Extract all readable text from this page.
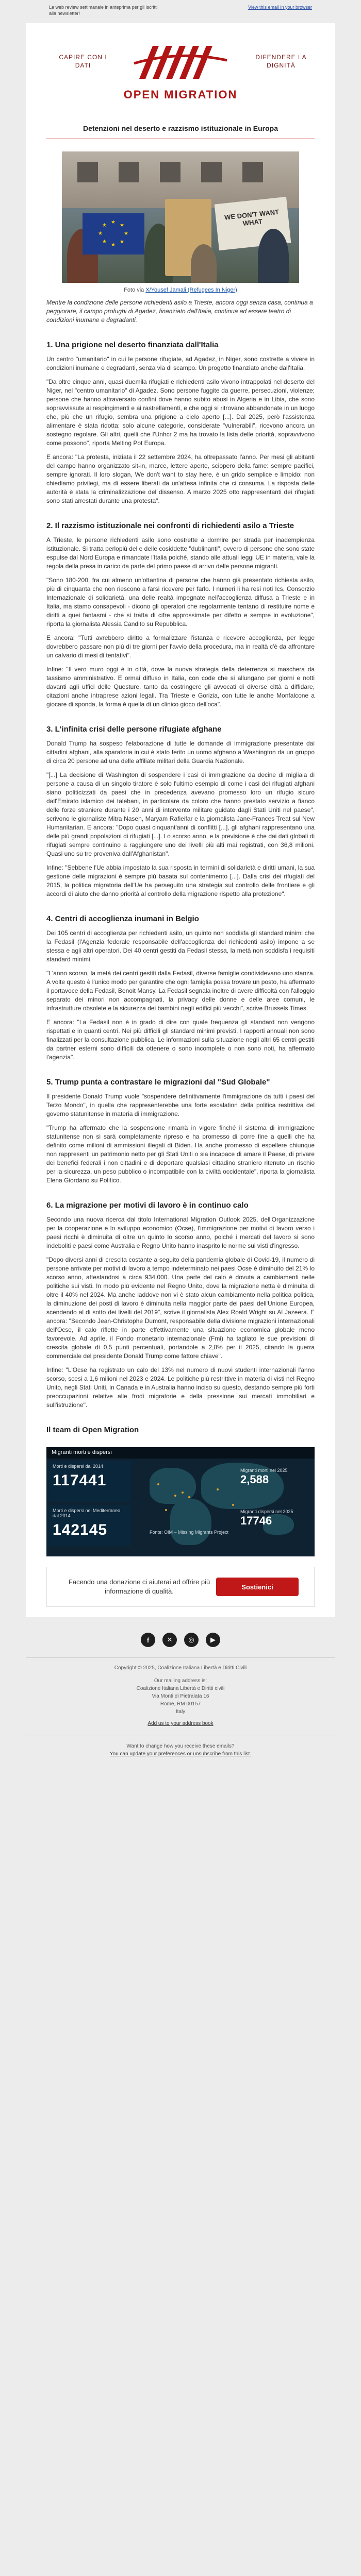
La web review settimanale in anteprima per gli iscritti alla newsletter!
View this email in your browser
CAPIRE CON I DATI
DIFENDERE LA DIGNITÀ
OPEN MIGRATION
Detenzioni nel deserto e razzismo istituzionale in Europa
★
★
★
★
★
★
★
★
WE DON'T WANT WHAT
Foto via X/Yousef Jamali (Refugees In Niger)
Mentre la condizione delle persone richiedenti asilo a Trieste, ancora oggi senza casa, continua a peggiorare, il campo profughi di Agadez, finanziato dall'Italia, continua ad essere teatro di condizioni inumane e degradanti.
1. Una prigione nel deserto finanziata dall'Italia

Un centro "umanitario" in cui le persone rifugiate, ad Agadez, in Niger, sono costrette a vivere in condizioni inumane e degradanti, senza via di scampo. Un progetto finanziato anche dall'Italia.

"Da oltre cinque anni, quasi duemila rifugiati e richiedenti asilo vivono intrappolati nel deserto del Niger, nel "centro umanitario" di Agadez. Sono persone fuggite da guerre, persecuzioni, violenze; persone che hanno attraversato confini dove hanno subito abusi in Algeria e in Libia, che sono sopravvissute ai respingimenti e ai rastrellamenti, e che oggi si ritrovano abbandonate in un luogo che, più che un rifugio, sembra una prigione a cielo aperto [...]. Dal 2025, però l'assistenza alimentare è stata ridotta: solo alcune categorie, considerate "vulnerabili", ricevono ancora un sostegno regolare. Gli altri, quelli che l'Unhcr 2 ma ha trovato la lista delle priorità, sopravvivono come possono", riporta Melting Pot Europa.

E ancora: "La protesta, iniziata il 22 settembre 2024, ha oltrepassato l'anno. Per mesi gli abitanti del campo hanno organizzato sit-in, marce, lettere aperte, sciopero della fame: sempre pacifici, sempre ignorati. Il loro slogan, We don't want to stay here, è un grido semplice e limpido: non chiediamo privilegi, ma di essere liberati da un'attesa infinita che ci consuma. La risposta delle autorità è stata la criminalizzazione del dissenso. A marzo 2025 otto rappresentanti dei rifugiati sono stati arrestati durante una protesta".

2. Il razzismo istituzionale nei confronti di richiedenti asilo a Trieste

A Trieste, le persone richiedenti asilo sono costrette a dormire per strada per inadempienza istituzionale. Si tratta perlopiù del e delle cosiddette "dublinanti", ovvero di persone che sono state espulse dal Nord Europa e rimandate l'Italia poiché, stando alle attuali leggi UE in materia, vale la regola della presa in carico da parte del primo paese di arrivo delle persone migranti.

"Sono 180-200, fra cui almeno un'ottantina di persone che hanno già presentato richiesta asilo, più di cinquanta che non riescono a farsi ricevere per farlo. I numeri li ha resi noti Ics, Consorzio Internazionale di solidarietà, una delle realtà impegnate nell'accoglienza diffusa a Trieste e in Italia, ma stamo consapevoli - dicono gli operatori che regolarmente tentano di restituire nome e diritti a quei fantasmi - che si tratta di cifre approssimate per difetto e sempre in evoluzione", riporta la giornalista Alessia Candito su Repubblica.

E ancora: "Tutti avrebbero diritto a formalizzare l'istanza e ricevere accoglienza, per legge dovrebbero passare non più di tre giorni per l'avvio della procedura, ma in realtà c'è da affrontare un calvario di mesi di tentativi".

Infine: "Il vero muro oggi è in città, dove la nuova strategia della deterrenza si maschera da tassismo amministrativo. E ormai diffuso in Italia, con code che si allungano per giorni e notti davanti agli uffici delle Questure, tanto da costringere gli avvocati di diverse città a diffidare, citazioni anche intraprese azioni legali. Tra Trieste e Gorizia, con tutte le anche Monfalcone a giocare di sponda, la forma è quella di un clinico gioco dell'oca".

3. L'infinita crisi delle persone rifugiate afghane

Donald Trump ha sospeso l'elaborazione di tutte le domande di immigrazione presentate dai cittadini afghani, alla sparatoria in cui è stato ferito un uomo afghano a Washington da un gruppo di circa 20 persone ad una delle affiliate militari della Guardia Nazionale.

"[...] La decisione di Washington di sospendere i casi di immigrazione da decine di migliaia di persone a causa di un singolo tiratore è solo l'ultimo esempio di come i casi dei rifugiati afghani siano politicizzati da paesi che in precedenza avevano promesso loro un rifugio sicuro dall'Emirato islamico dei talebani, in particolare da coloro che hanno prestato servizio a fianco delle forze straniere durante i 20 anni di intervento militare guidato dagli Stati Uniti nel paese", scrivono le giornaliste Mitra Naseh, Maryam Rafieifar e la giornalista Jane-Frances Treat sul New Humanitarian. E ancora: "Dopo quasi cinquant'anni di conflitti [...], gli afghani rappresentano una delle più grandi popolazioni di rifugiati [...]. Lo scorso anno, e la previsione è che dai dati globali di rifugiati sempre continuino a raggiungere uno dei livelli più alti mai registrati, con 36,8 milioni. Quasi uno su tre proveniva dall'Afghanistan".

Infine: "Sebbene l'Ue abbia impostato la sua risposta in termini di solidarietà e diritti umani, la sua gestione delle migrazioni è sempre più basata sul contenimento [...]. Dalla crisi dei rifugiati del 2015, la politica migratoria dell'Ue ha perseguito una strategia sul controllo delle frontiere e gli accordi di aiuto che danno priorità al controllo della migrazione rispetto alla protezione".

4. Centri di accoglienza inumani in Belgio

Dei 105 centri di accoglienza per richiedenti asilo, un quinto non soddisfa gli standard minimi che la Fedasil (l'Agenzia federale responsabile dell'accoglienza dei richiedenti asilo) impone a se stessa e agli altri operatori. Dei 40 centri gestiti da Fedasil stessa, la metà non soddisfa i requisiti standard minimi.

"L'anno scorso, la metà dei centri gestiti dalla Fedasil, diverse famiglie condividevano uno stanza. A volte questo è l'unico modo per garantire che ogni famiglia possa trovare un posto, ha affermato il portavoce della Fedasil, Benoit Mansy. La Fedasil segnala inoltre di avere difficoltà con l'alloggio separato dei minori non accompagnati, la privacy delle donne e delle aree comuni, le infrastrutture obsolete e la sicurezza dei bambini negli edifici più vecchi", scrive Brussels Times.

E ancora: "La Fedasil non è in grado di dire con quale frequenza gli standard non vengono rispettati e in quanti centri. Nei più difficili gli standard minimi previsti. I rapporti annuali non sono finalizzati per la consultazione pubblica. Le informazioni sulla situazione negli altri 65 centri gestiti da partner esterni sono difficili da ottenere o sono incomplete o non sono noti, ha affermato l'agenzia".

5. Trump punta a contrastare le migrazioni dal "Sud Globale"

Il presidente Donald Trump vuole "sospendere definitivamente l'immigrazione da tutti i paesi del Terzo Mondo", in quella che rappresenterebbe una forte escalation della politica restrittiva del governo statunitense in materia di immigrazione.

"Trump ha affermato che la sospensione rimarrà in vigore finché il sistema di immigrazione statunitense non si sarà completamente ripreso e ha promesso di porre fine a quelli che ha definito come milioni di ammissioni illegali di Biden. Ha anche promesso di espellere chiunque non rappresenti un patrimonio netto per gli Stati Uniti o sia incapace di amare il Paese, di privare dei benefici federali i non cittadini e di deportare qualsiasi cittadino straniero ritenuto un rischio per la sicurezza, un peso pubblico o incompatibile con la civiltà occidentale", riporta la giornalista Elena Giordano su Politico.

6. La migrazione per motivi di lavoro è in continuo calo

Secondo una nuova ricerca dal titolo International Migration Outlook 2025, dell'Organizzazione per la cooperazione e lo sviluppo economico (Ocse), l'immigrazione per motivi di lavoro verso i paesi ricchi è diminuita di oltre un quinto lo scorso anno, poiché i mercati del lavoro si sono indeboliti e paesi come Australia e Regno Unito hanno inasprito le norme sui visti d'ingresso.

"Dopo diversi anni di crescita costante a seguito della pandemia globale di Covid-19, il numero di persone arrivate per motivi di lavoro a tempo indeterminato nei paesi Ocse è diminuito del 21% lo scorso anno, attestandosi a circa 934.000. Una parte del calo è dovuta a cambiamenti nelle politiche sui visti. In modo più evidente nel Regno Unito, dove la migrazione netta è diminuita di oltre il 40% nel 2024. Ma anche laddove non vi è stato alcun cambiamento nella politica politica, la diminuzione dei posti di lavoro è diminuita nella maggior parte dei paesi dell'Unione Europea, scendendo al di sotto dei livelli del 2019", scrive il giornalista Alex Roald Wright su Al Jazeera. E ancora: "Secondo Jean-Christophe Dumont, responsabile della divisione migrazioni internazionali dell'Ocse, il calo riflette in parte effettivamente una situazione economica globale meno favorevole. Ad aprile, il Fondo monetario internazionale (Fmi) ha tagliato le sue previsioni di crescita globale di 0,5 punti percentuali, portandole a 2,8% per il 2025, citando la guerra commerciale del presidente Donald Trump come fattore chiave".

Infine: "L'Ocse ha registrato un calo del 13% nel numero di nuovi studenti internazionali l'anno scorso, scesi a 1,6 milioni nel 2023 e 2024. Le politiche più restrittive in materia di visti nel Regno Unito, negli Stati Uniti, in Canada e in Australia hanno inciso su questo, destando sempre più forti preoccupazioni relative alle frodi migratorie e della pressione sui mercati immobiliari e sull'istruzione".

Il team di Open Migration
Migranti morti e dispersi
Morti e dispersi dal 2014
117441
Morti e dispersi nel Mediterraneo dal 2014
142145
Migranti morti nel 2025
2,588
Migranti dispersi nel 2025
17746
Fonte: OIM – Missing Migrants Project
Facendo una donazione ci aiuterai ad offrire più informazione di qualità.
Sostienici
f	✕	◎	▶
Copyright © 2025, Coalizione Italiana Libertà e Diritti Civili
Our mailing address is:
Coalizione Italiana Libertà e Diritti civili
Via Monti di Pietralata 16
Rome, RM 00157
Italy
Add us to your address book
Want to change how you receive these emails?
You can update your preferences or unsubscribe from this list.
